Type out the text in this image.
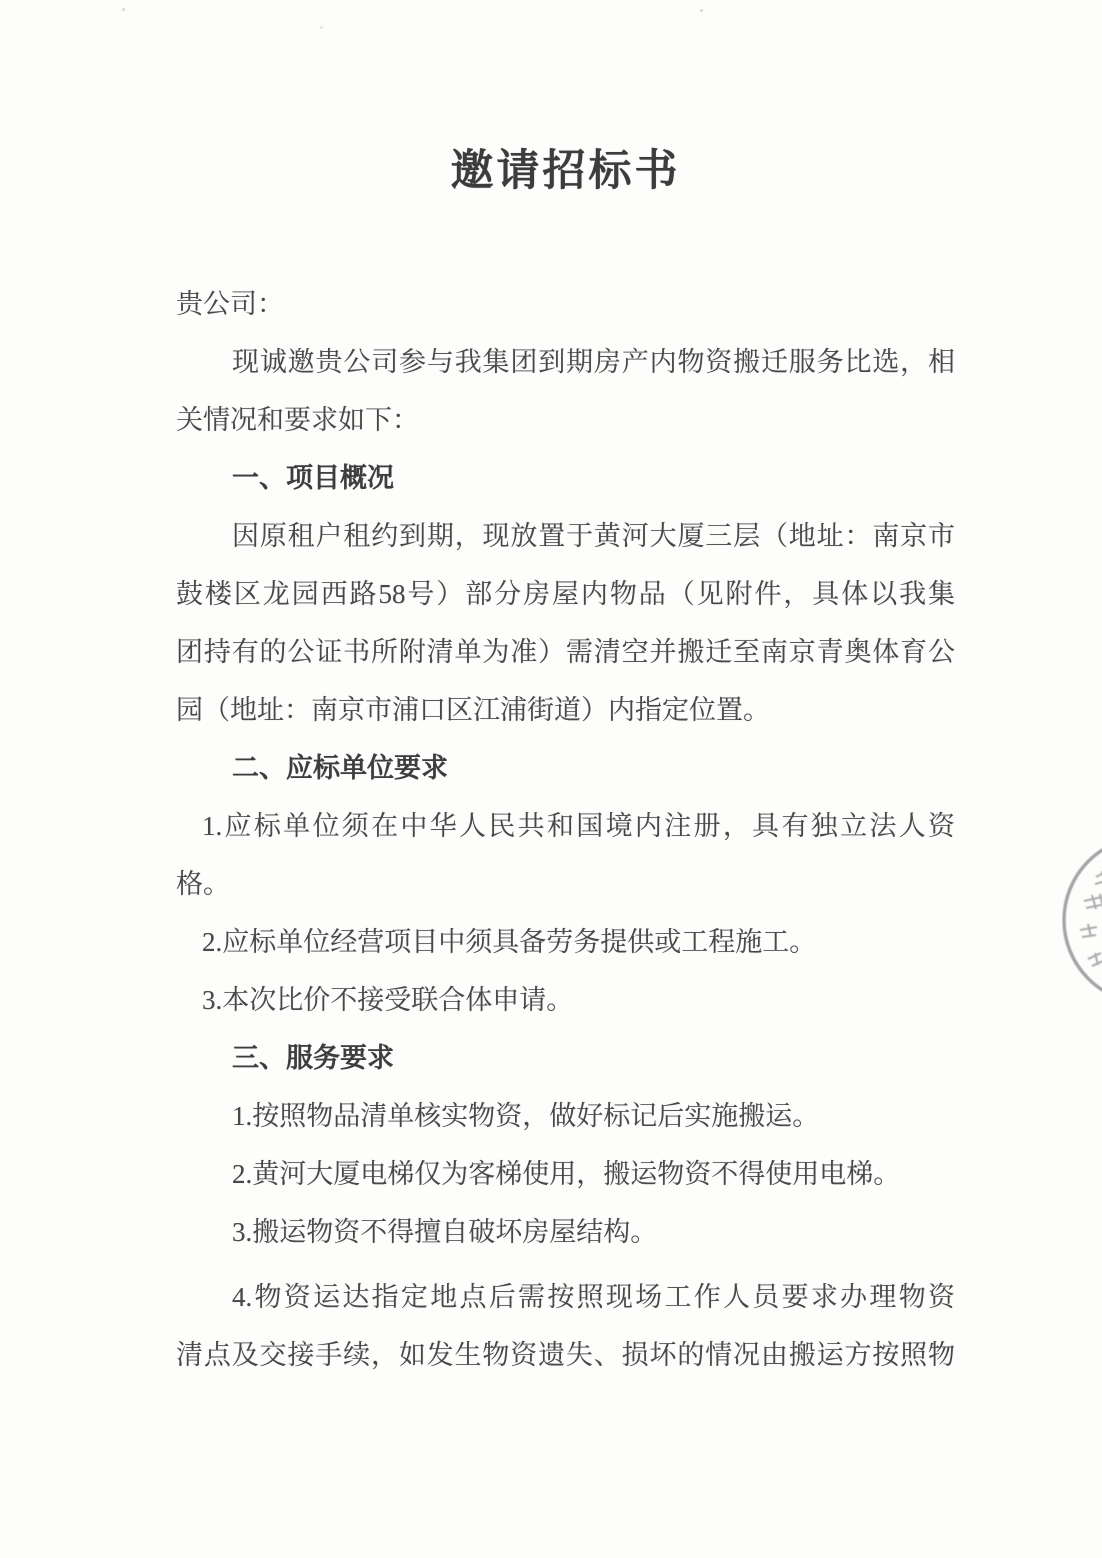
邀请招标书
贵公司：
现诚邀贵公司参与我集团到期房产内物资搬迁服务比选，相
关情况和要求如下：
一、项目概况
因原租户租约到期，现放置于黄河大厦三层（地址：南京市
鼓楼区龙园西路58号）部分房屋内物品（见附件，具体以我集
团持有的公证书所附清单为准）需清空并搬迁至南京青奥体育公
园（地址：南京市浦口区江浦街道）内指定位置。
二、应标单位要求
1.应标单位须在中华人民共和国境内注册，具有独立法人资
格。
2.应标单位经营项目中须具备劳务提供或工程施工。
3.本次比价不接受联合体申请。
三、服务要求
1.按照物品清单核实物资，做好标记后实施搬运。
2.黄河大厦电梯仅为客梯使用，搬运物资不得使用电梯。
3.搬运物资不得擅自破坏房屋结构。
4.物资运达指定地点后需按照现场工作人员要求办理物资
清点及交接手续，如发生物资遗失、损坏的情况由搬运方按照物
